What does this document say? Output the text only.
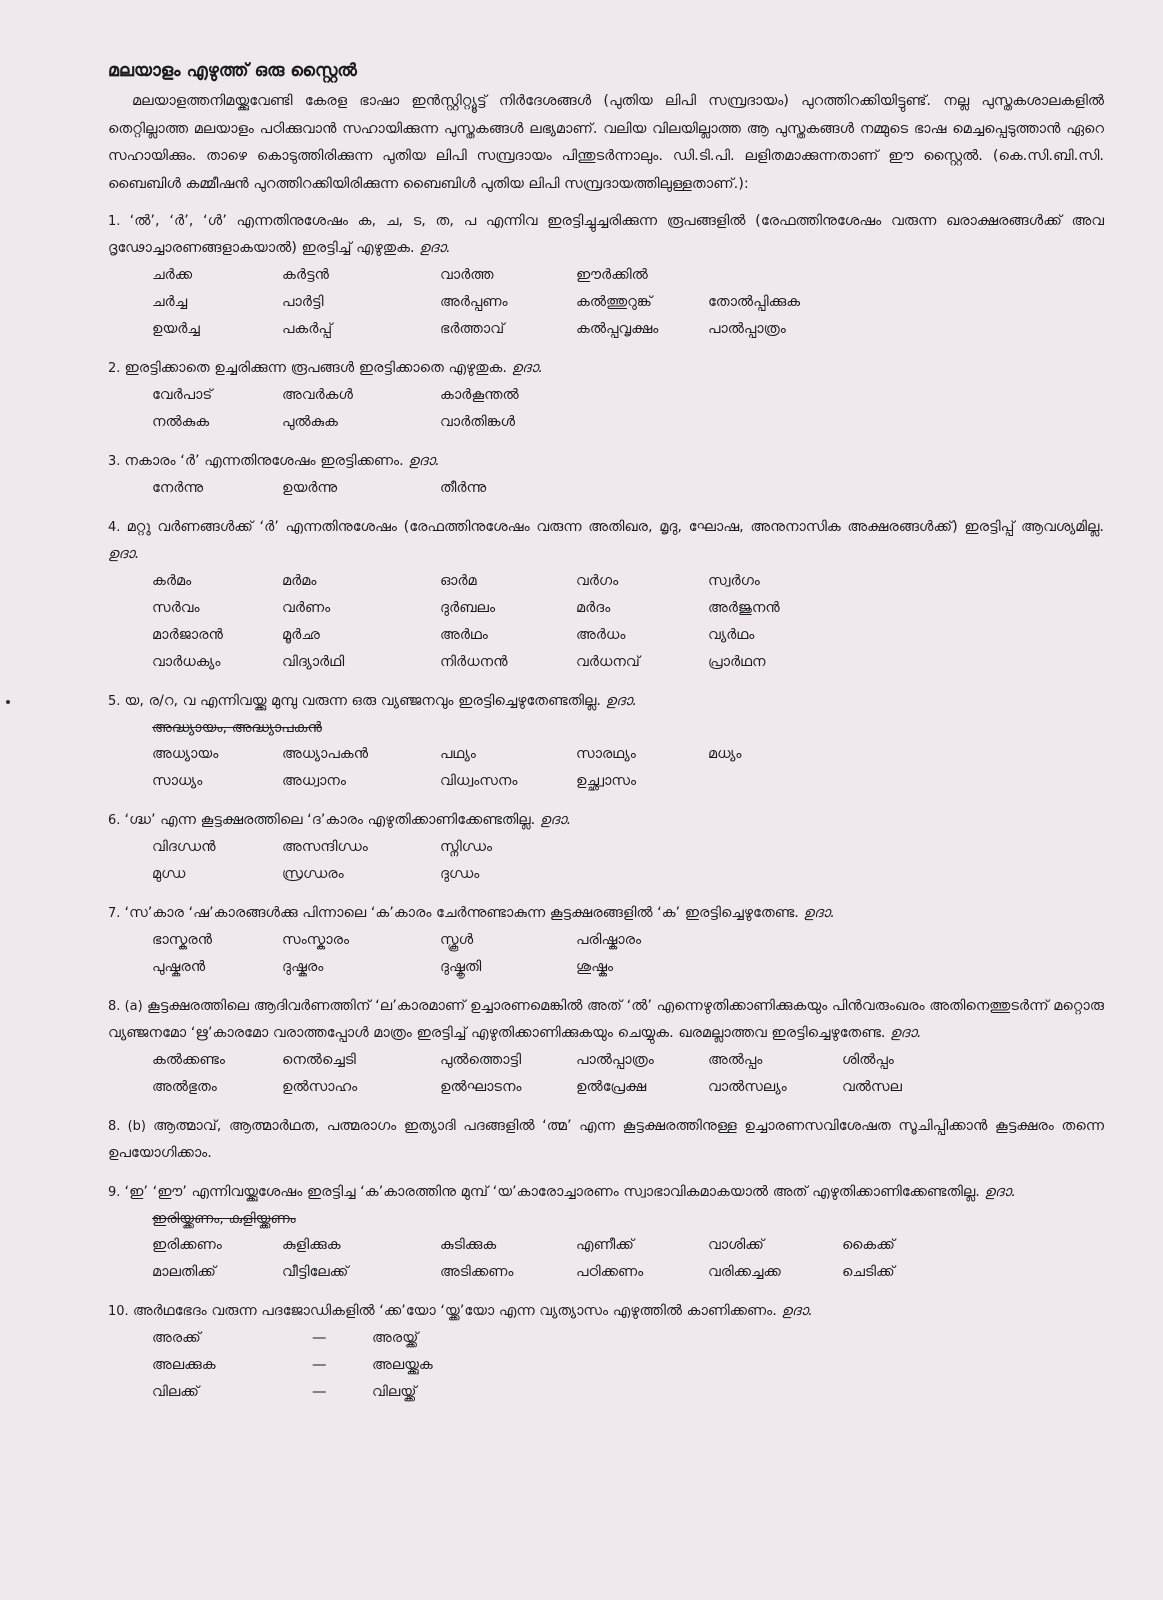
മലയാളം എഴുത്ത് ഒരു സ്റ്റൈൽ
മലയാളത്തനിമയ്ക്കുവേണ്ടി കേരള ഭാഷാ ഇൻസ്റ്റിറ്റ്യൂട്ട് നിർദേശങ്ങൾ (പുതിയ ലിപി സമ്പ്രദായം) പുറത്തിറക്കിയിട്ടുണ്ട്. നല്ല പുസ്തകശാലകളിൽ തെറ്റില്ലാത്ത മലയാളം പഠിക്കുവാൻ സഹായിക്കുന്ന പുസ്തകങ്ങൾ ലഭ്യമാണ്. വലിയ വിലയില്ലാത്ത ആ പുസ്തകങ്ങൾ നമ്മുടെ ഭാഷ മെച്ചപ്പെടുത്താൻ ഏറെ സഹായിക്കും. താഴെ കൊടുത്തിരിക്കുന്ന പുതിയ ലിപി സമ്പ്രദായം പിന്തുടർന്നാലും. ഡി.ടി.പി. ലളിതമാക്കുന്നതാണ് ഈ സ്റ്റൈൽ. (കെ.സി.ബി.സി. ബൈബിൾ കമ്മീഷൻ പുറത്തിറക്കിയിരിക്കുന്ന ബൈബിൾ പുതിയ ലിപി സമ്പ്രദായത്തിലുള്ളതാണ്.):
1. ‘ൽ’, ‘ർ’, ‘ൾ’ എന്നതിനുശേഷം ക, ച, ട, ത, പ എന്നിവ ഇരട്ടിച്ചുച്ചരിക്കുന്ന രൂപങ്ങളിൽ (രേഫത്തിനുശേഷം വരുന്ന ഖരാക്ഷരങ്ങൾക്ക് അവ ദൃഢോച്ചാരണങ്ങളാകയാൽ) ഇരട്ടിച്ച് എഴുതുക. ഉദാ.
ചർക്ക	കർട്ടൻ	വാർത്ത	ഈർക്കിൽ
ചർച്ച	പാർട്ടി	അർപ്പണം	കൽത്തുറുങ്ക്	തോൽപ്പിക്കുക
ഉയർച്ച	പകർപ്പ്	ഭർത്താവ്	കൽപ്പവൃക്ഷം	പാൽപ്പാത്രം
2. ഇരട്ടിക്കാതെ ഉച്ചരിക്കുന്ന രൂപങ്ങൾ ഇരട്ടിക്കാതെ എഴുതുക. ഉദാ.
വേർപാട്	അവർകൾ	കാർകൂന്തൽ
നൽകുക	പുൽകുക	വാർതിങ്കൾ
3. നകാരം ‘ർ’ എന്നതിനുശേഷം ഇരട്ടിക്കണം. ഉദാ.
നേർന്നു	ഉയർന്നു	തീർന്നു
4. മറ്റു വർണങ്ങൾക്ക് ‘ർ’ എന്നതിനുശേഷം (രേഫത്തിനുശേഷം വരുന്ന അതിഖര, മൃദു, ഘോഷ, അനുനാസിക അക്ഷരങ്ങൾക്ക്) ഇരട്ടിപ്പ് ആവശ്യമില്ല. ഉദാ.
കർമം	മർമം	ഓർമ	വർഗം	സ്വർഗം
സർവം	വർണം	ദുർബലം	മർദം	അർജുനൻ
മാർജാരൻ	മൂർഛ	അർഥം	അർധം	വ്യർഥം
വാർധക്യം	വിദ്യാർഥി	നിർധനൻ	വർധനവ്	പ്രാർഥന
5. യ, ര/റ, വ എന്നിവയ്ക്കു മുമ്പു വരുന്ന ഒരു വ്യഞ്ജനവും ഇരട്ടിച്ചെഴുതേണ്ടതില്ല. ഉദാ.
അദ്ധ്യായം, അദ്ധ്യാപകൻ
അധ്യായം	അധ്യാപകൻ	പഥ്യം	സാരഥ്യം	മധ്യം
സാധ്യം	അധ്വാനം	വിധ്വംസനം	ഉച്ഛ്വാസം
6. ‘ഗ്ദ്ധ’ എന്ന കൂട്ടക്ഷരത്തിലെ ‘ദ’കാരം എഴുതിക്കാണിക്കേണ്ടതില്ല. ഉദാ.
വിദഗ്ധൻ	അസന്ദിഗ്ധം	സ്നിഗ്ധം
മുഗ്ധ	സ്രഗ്ധരം	ദുഗ്ധം
7. ‘സ’കാര ‘ഷ’കാരങ്ങൾക്കു പിന്നാലെ ‘ക’കാരം ചേർന്നുണ്ടാകുന്ന കൂട്ടക്ഷരങ്ങളിൽ ‘ക’ ഇരട്ടിച്ചെഴുതേണ്ട. ഉദാ.
ഭാസ്കരൻ	സംസ്കാരം	സ്കൂൾ	പരിഷ്കാരം
പുഷ്കരൻ	ദുഷ്കരം	ദുഷ്കൃതി	ശുഷ്കം
8. (a) കൂട്ടക്ഷരത്തിലെ ആദിവർണത്തിന് ‘ല’കാരമാണ് ഉച്ചാരണമെങ്കിൽ അത് ‘ൽ’ എന്നെഴുതിക്കാണിക്കുകയും പിൻവരുംഖരം അതിനെത്തുടർന്ന് മറ്റൊരു വ്യഞ്ജനമോ ‘ഋ’കാരമോ വരാത്തപ്പോൾ മാത്രം ഇരട്ടിച്ച് എഴുതിക്കാണിക്കുകയും ചെയ്യുക. ഖരമല്ലാത്തവ ഇരട്ടിച്ചെഴുതേണ്ട. ഉദാ.
കൽക്കണ്ടം	നെൽച്ചെടി	പുൽത്തൊട്ടി	പാൽപ്പാത്രം	അൽപ്പം	ശിൽപ്പം
അൽഭുതം	ഉൽസാഹം	ഉൽഘാടനം	ഉൽപ്രേക്ഷ	വാൽസല്യം	വൽസല
8. (b) ആത്മാവ്, ആത്മാർഥത, പത്മരാഗം ഇത്യാദി പദങ്ങളിൽ ‘ത്മ’ എന്ന കൂട്ടക്ഷരത്തിനുള്ള ഉച്ചാരണസവിശേഷത സൂചിപ്പിക്കാൻ കൂട്ടക്ഷരം തന്നെ ഉപയോഗിക്കാം.
9. ‘ഇ’ ‘ഈ’ എന്നിവയ്ക്കുശേഷം ഇരട്ടിച്ച ‘ക’കാരത്തിനു മുമ്പ് ‘യ’കാരോച്ചാരണം സ്വാഭാവികമാകയാൽ അത് എഴുതിക്കാണിക്കേണ്ടതില്ല. ഉദാ.
ഇരിയ്ക്കണം, കുളിയ്ക്കണം
ഇരിക്കണം	കുളിക്കുക	കുടിക്കുക	എണീക്ക്	വാശിക്ക്	കൈക്ക്
മാലതിക്ക്	വീട്ടിലേക്ക്	അടിക്കണം	പഠിക്കണം	വരിക്കച്ചക്ക	ചെടിക്ക്
10. അർഥഭേദം വരുന്ന പദജോഡികളിൽ ‘ക്ക’യോ ‘യ്ക്ക’യോ എന്ന വ്യത്യാസം എഴുത്തിൽ കാണിക്കണം. ഉദാ.
അരക്ക്	—	അരയ്ക്ക്
അലക്കുക	—	അലയ്ക്കുക
വിലക്ക്	—	വിലയ്ക്ക്
